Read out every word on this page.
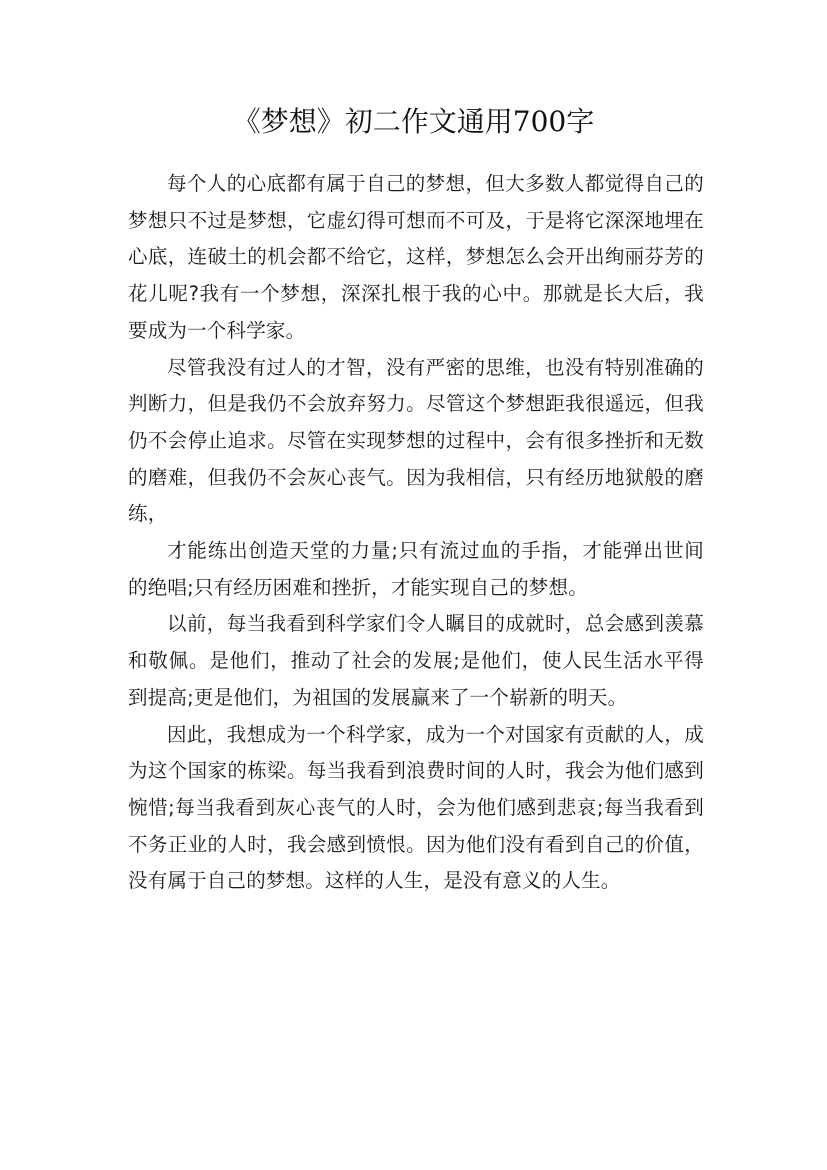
《梦想》初二作文通用700字

每个人的心底都有属于自己的梦想，但大多数人都觉得自己的梦想只不过是梦想，它虚幻得可想而不可及，于是将它深深地埋在心底，连破土的机会都不给它，这样，梦想怎么会开出绚丽芬芳的花儿呢?我有一个梦想，深深扎根于我的心中。那就是长大后，我要成为一个科学家。

尽管我没有过人的才智，没有严密的思维，也没有特别准确的判断力，但是我仍不会放弃努力。尽管这个梦想距我很遥远，但我仍不会停止追求。尽管在实现梦想的过程中，会有很多挫折和无数的磨难，但我仍不会灰心丧气。因为我相信，只有经历地狱般的磨练，

才能练出创造天堂的力量;只有流过血的手指，才能弹出世间的绝唱;只有经历困难和挫折，才能实现自己的梦想。

以前，每当我看到科学家们令人瞩目的成就时，总会感到羡慕和敬佩。是他们，推动了社会的发展;是他们，使人民生活水平得到提高;更是他们，为祖国的发展赢来了一个崭新的明天。

因此，我想成为一个科学家，成为一个对国家有贡献的人，成为这个国家的栋梁。每当我看到浪费时间的人时，我会为他们感到惋惜;每当我看到灰心丧气的人时，会为他们感到悲哀;每当我看到不务正业的人时，我会感到愤恨。因为他们没有看到自己的价值，没有属于自己的梦想。这样的人生，是没有意义的人生。
